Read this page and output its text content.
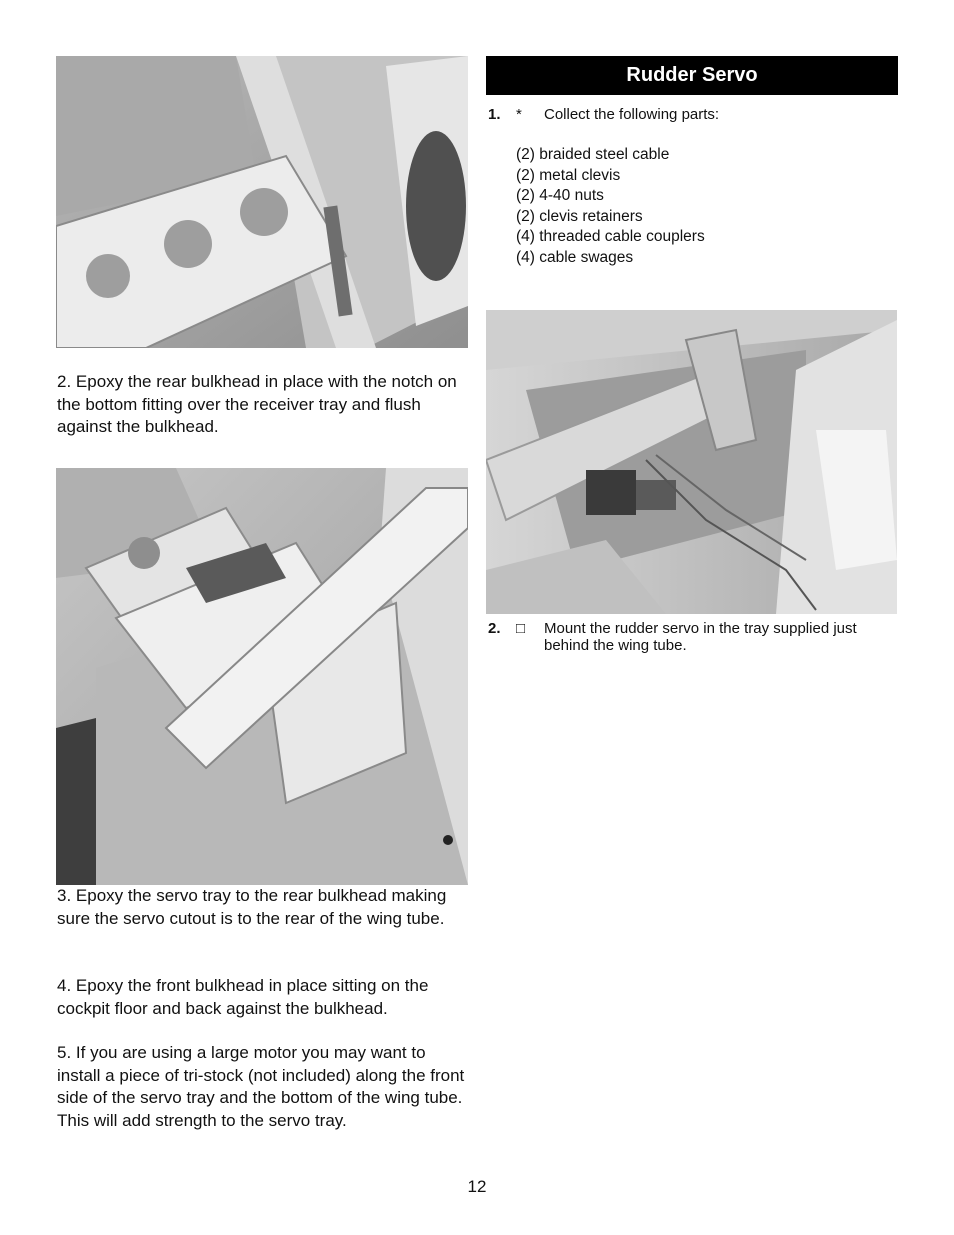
2. Epoxy the rear bulkhead in place with the notch on the bottom fitting over the receiver tray and flush against the bulkhead.

3. Epoxy the servo tray to the rear bulkhead making sure the servo cutout is to the rear of the wing tube.

4. Epoxy the front bulkhead in place sitting on the cockpit floor and back against the bulkhead.

5. If you are using a large motor you may want to install a piece of tri-stock (not included) along the front side of the servo tray and the bottom of the wing tube. This will add strength to the servo tray.

Rudder Servo
1. * Collect the following parts:
(2) braided steel cable
(2) metal clevis
(2) 4-40 nuts
(2) clevis retainers
(4) threaded cable couplers
(4) cable swages
2. □ Mount the rudder servo in the tray supplied just behind the wing tube.
12
